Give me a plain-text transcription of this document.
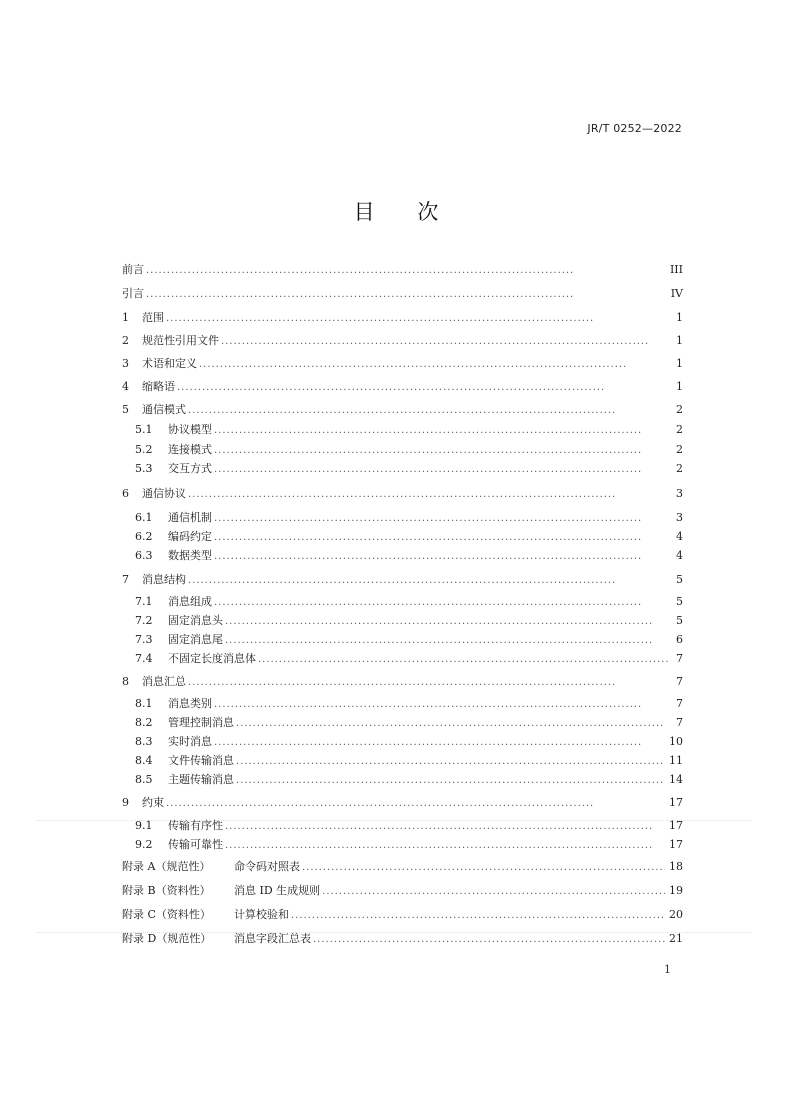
JR/T 0252—2022
目 次
前言 . . .	III
引言 . . .	IV
1	范围 . . .	1
2	规范性引用文件 . . .	1
3	术语和定义 . . .	1
4	缩略语 . . .	1
5	通信模式 . . .	2
5.1	协议模型 . . .	2
5.2	连接模式 . . .	2
5.3	交互方式 . . .	2
6	通信协议 . . .	3
6.1	通信机制 . . .	3
6.2	编码约定 . . .	4
6.3	数据类型 . . .	4
7	消息结构 . . .	5
7.1	消息组成 . . .	5
7.2	固定消息头 . . .	5
7.3	固定消息尾 . . .	6
7.4	不固定长度消息体 . . .	7
8	消息汇总 . . .	7
8.1	消息类别 . . .	7
8.2	管理控制消息 . . .	7
8.3	实时消息 . . .	10
8.4	文件传输消息 . . .	11
8.5	主题传输消息 . . .	14
9	约束 . . .	17
9.1	传输有序性 . . .	17
9.2	传输可靠性 . . .	17
附录 A（规范性）	命令码对照表 . . .	18
附录 B（资料性）	消息 ID 生成规则 . . .	19
附录 C（资料性）	计算校验和 . . .	20
附录 D（规范性）	消息字段汇总表 . . .	21
1
